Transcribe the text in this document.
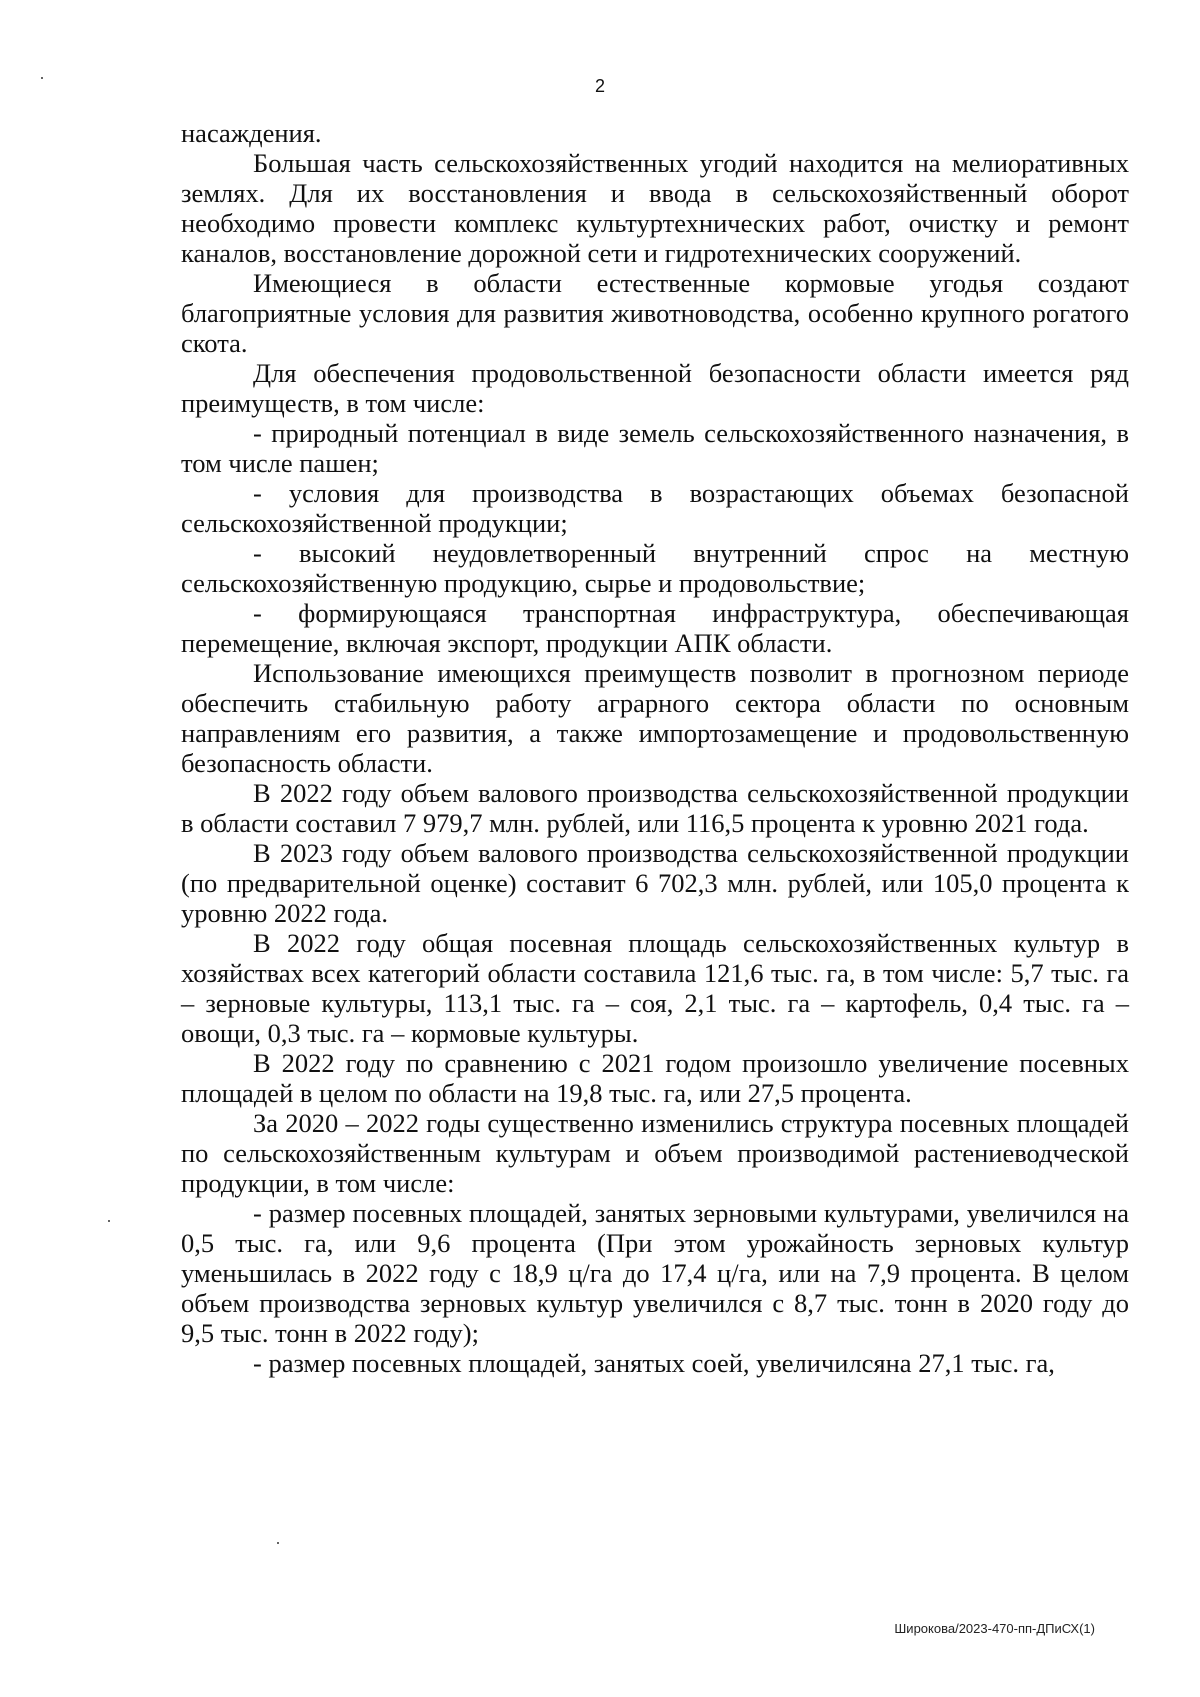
2

насаждения.

Большая часть сельскохозяйственных угодий находится на мелиоративных землях. Для их восстановления и ввода в сельскохозяйственный оборот необходимо провести комплекс культуртехнических работ, очистку и ремонт каналов, восстановление дорожной сети и гидротехнических сооружений.

Имеющиеся в области естественные кормовые угодья создают благоприятные условия для развития животноводства, особенно крупного рогатого скота.

Для обеспечения продовольственной безопасности области имеется ряд преимуществ, в том числе:

- природный потенциал в виде земель сельскохозяйственного назначения, в том числе пашен;

- условия для производства в возрастающих объемах безопасной сельскохозяйственной продукции;

- высокий неудовлетворенный внутренний спрос на местную сельскохозяйственную продукцию, сырье и продовольствие;

- формирующаяся транспортная инфраструктура, обеспечивающая перемещение, включая экспорт, продукции АПК области.

Использование имеющихся преимуществ позволит в прогнозном периоде обеспечить стабильную работу аграрного сектора области по основным направлениям его развития, а также импортозамещение и продовольственную безопасность области.

В 2022 году объем валового производства сельскохозяйственной продукции в области составил 7 979,7 млн. рублей, или 116,5 процента к уровню 2021 года.

В 2023 году объем валового производства сельскохозяйственной продукции (по предварительной оценке) составит 6 702,3 млн. рублей, или 105,0 процента к уровню 2022 года.

В 2022 году общая посевная площадь сельскохозяйственных культур в хозяйствах всех категорий области составила 121,6 тыс. га, в том числе: 5,7 тыс. га – зерновые культуры, 113,1 тыс. га – соя, 2,1 тыс. га – картофель, 0,4 тыс. га – овощи, 0,3 тыс. га – кормовые культуры.

В 2022 году по сравнению с 2021 годом произошло увеличение посевных площадей в целом по области на 19,8 тыс. га, или 27,5 процента.

За 2020 – 2022 годы существенно изменились структура посевных площадей по сельскохозяйственным культурам и объем производимой растениеводческой продукции, в том числе:

- размер посевных площадей, занятых зерновыми культурами, увеличился на 0,5 тыс. га, или 9,6 процента (При этом урожайность зерновых культур уменьшилась в 2022 году с 18,9 ц/га до 17,4 ц/га, или на 7,9 процента. В целом объем производства зерновых культур увеличился с 8,7 тыс. тонн в 2020 году до 9,5 тыс. тонн в 2022 году);

- размер посевных площадей, занятых соей, увеличилсяна 27,1 тыс. га,

Широкова/2023-470-пп-ДПиСХ(1)
